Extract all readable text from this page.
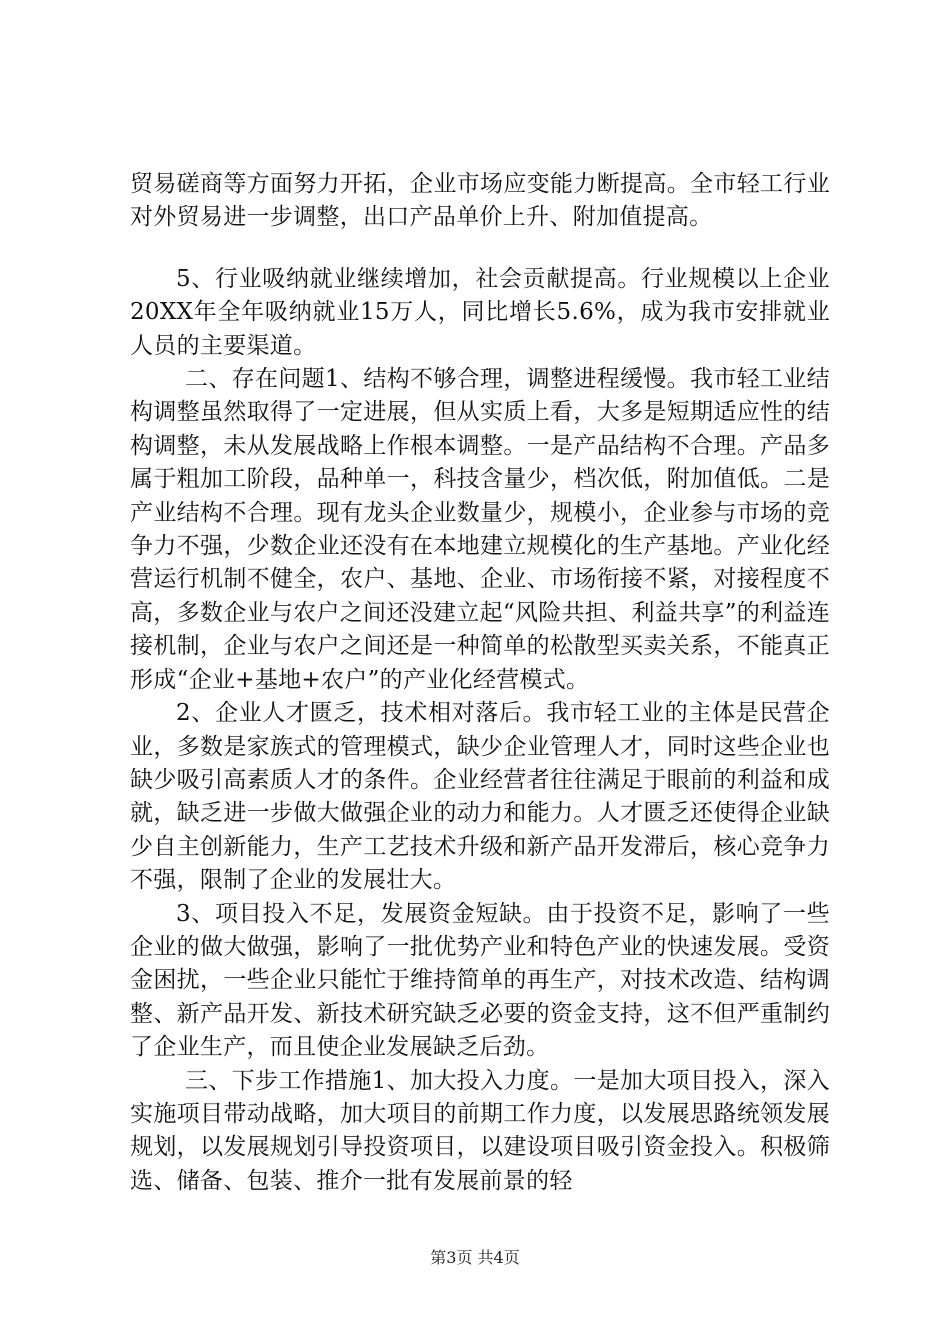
贸易磋商等方面努力开拓，企业市场应变能力断提高。全市轻工行业对外贸易进一步调整，出口产品单价上升、附加值提高。

5、行业吸纳就业继续增加，社会贡献提高。行业规模以上企业20XX年全年吸纳就业15万人，同比增长5.6%，成为我市安排就业人员的主要渠道。

二、存在问题1、结构不够合理，调整进程缓慢。我市轻工业结构调整虽然取得了一定进展，但从实质上看，大多是短期适应性的结构调整，未从发展战略上作根本调整。一是产品结构不合理。产品多属于粗加工阶段，品种单一，科技含量少，档次低，附加值低。二是产业结构不合理。现有龙头企业数量少，规模小，企业参与市场的竞争力不强，少数企业还没有在本地建立规模化的生产基地。产业化经营运行机制不健全，农户、基地、企业、市场衔接不紧，对接程度不高，多数企业与农户之间还没建立起“风险共担、利益共享”的利益连接机制，企业与农户之间还是一种简单的松散型买卖关系，不能真正形成“企业+基地+农户”的产业化经营模式。

2、企业人才匮乏，技术相对落后。我市轻工业的主体是民营企业，多数是家族式的管理模式，缺少企业管理人才，同时这些企业也缺少吸引高素质人才的条件。企业经营者往往满足于眼前的利益和成就，缺乏进一步做大做强企业的动力和能力。人才匮乏还使得企业缺少自主创新能力，生产工艺技术升级和新产品开发滞后，核心竞争力不强，限制了企业的发展壮大。

3、项目投入不足，发展资金短缺。由于投资不足，影响了一些企业的做大做强，影响了一批优势产业和特色产业的快速发展。受资金困扰，一些企业只能忙于维持简单的再生产，对技术改造、结构调整、新产品开发、新技术研究缺乏必要的资金支持，这不但严重制约了企业生产，而且使企业发展缺乏后劲。

三、下步工作措施1、加大投入力度。一是加大项目投入，深入实施项目带动战略，加大项目的前期工作力度，以发展思路统领发展规划，以发展规划引导投资项目，以建设项目吸引资金投入。积极筛选、储备、包装、推介一批有发展前景的轻

第3页 共4页
